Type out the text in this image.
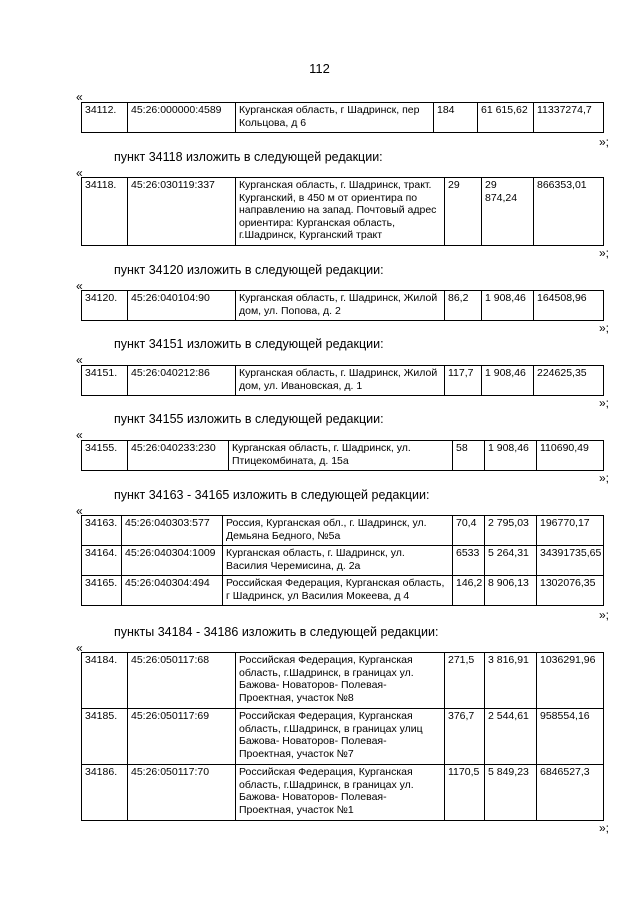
112
«
34112.	45:26:000000:4589	Курганская область, г Шадринск, пер Кольцова, д 6	184	61 615,62	11337274,7
»;
пункт 34118 изложить в следующей редакции:
«
34118.	45:26:030119:337	Курганская область, г. Шадринск, тракт. Курганский, в 450 м от ориентира по направлению на запад. Почтовый адрес ориентира: Курганская область, г.Шадринск, Курганский тракт	29	29 874,24	866353,01
»;
пункт 34120 изложить в следующей редакции:
«
34120.	45:26:040104:90	Курганская область, г. Шадринск, Жилой дом, ул. Попова, д. 2	86,2	1 908,46	164508,96
»;
пункт 34151 изложить в следующей редакции:
«
34151.	45:26:040212:86	Курганская область, г. Шадринск, Жилой дом, ул. Ивановская, д. 1	117,7	1 908,46	224625,35
»;
пункт 34155 изложить в следующей редакции:
«
34155.	45:26:040233:230	Курганская область, г. Шадринск, ул. Птицекомбината, д. 15а	58	1 908,46	110690,49
»;
пункт 34163 - 34165 изложить в следующей редакции:
«
34163.	45:26:040303:577	Россия, Курганская обл., г. Шадринск, ул. Демьяна Бедного, №5а	70,4	2 795,03	196770,17
34164.	45:26:040304:1009	Курганская область, г. Шадринск, ул. Василия Черемисина, д. 2а	6533	5 264,31	34391735,65
34165.	45:26:040304:494	Российская Федерация, Курганская область, г Шадринск, ул Василия Мокеева, д 4	146,2	8 906,13	1302076,35
»;
пункты 34184 - 34186 изложить в следующей редакции:
«
34184.	45:26:050117:68	Российская Федерация, Курганская область, г.Шадринск, в границах ул. Бажова- Новаторов- Полевая- Проектная, участок №8	271,5	3 816,91	1036291,96
34185.	45:26:050117:69	Российская Федерация, Курганская область, г.Шадринск, в границах улиц Бажова- Новаторов- Полевая- Проектная, участок №7	376,7	2 544,61	958554,16
34186.	45:26:050117:70	Российская Федерация, Курганская область, г.Шадринск, в границах ул. Бажова- Новаторов- Полевая- Проектная, участок №1	1170,5	5 849,23	6846527,3
»;
